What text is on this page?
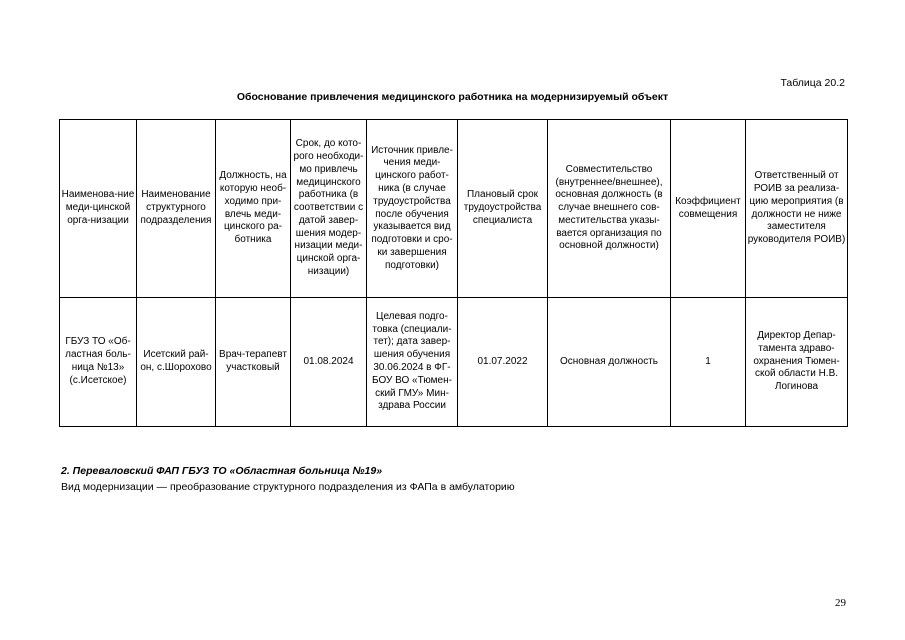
Таблица 20.2
Обоснование привлечения медицинского работника на модернизируемый объект
Наименова-ние меди-цинской орга-низации	Наименование структурного подразделения	Должность, на которую необ-ходимо при-влечь меди-цинского ра-ботника	Срок, до кото-рого необходи-мо привлечь медицинского работника (в соответствии с датой завер-шения модер-низации меди-цинской орга-низации)	Источник привле-чения меди-цинского работ-ника (в случае трудоустройства после обучения указывается вид подготовки и сро-ки завершения подготовки)	Плановый срок трудоустройства специалиста	Совместительство (внутреннее/внешнее), основная должность (в случае внешнего сов-местительства указы-вается организация по основной должности)	Коэффициент совмещения	Ответственный от РОИВ за реализа-цию мероприятия (в должности не ниже заместителя руководителя РОИВ)
ГБУЗ ТО «Об-ластная боль-ница №13» (с.Исетское)	Исетский рай-он, с.Шорохово	Врач-терапевт участковый	01.08.2024	Целевая подго-товка (специали-тет); дата завер-шения обучения 30.06.2024 в ФГ-БОУ ВО «Тюмен-ский ГМУ» Мин-здрава России	01.07.2022	Основная должность	1	Директор Депар-тамента здраво-охранения Тюмен-ской области Н.В. Логинова
2. Переваловский ФАП ГБУЗ ТО «Областная больница №19»
Вид модернизации — преобразование структурного подразделения из ФАПа в амбулаторию
29
